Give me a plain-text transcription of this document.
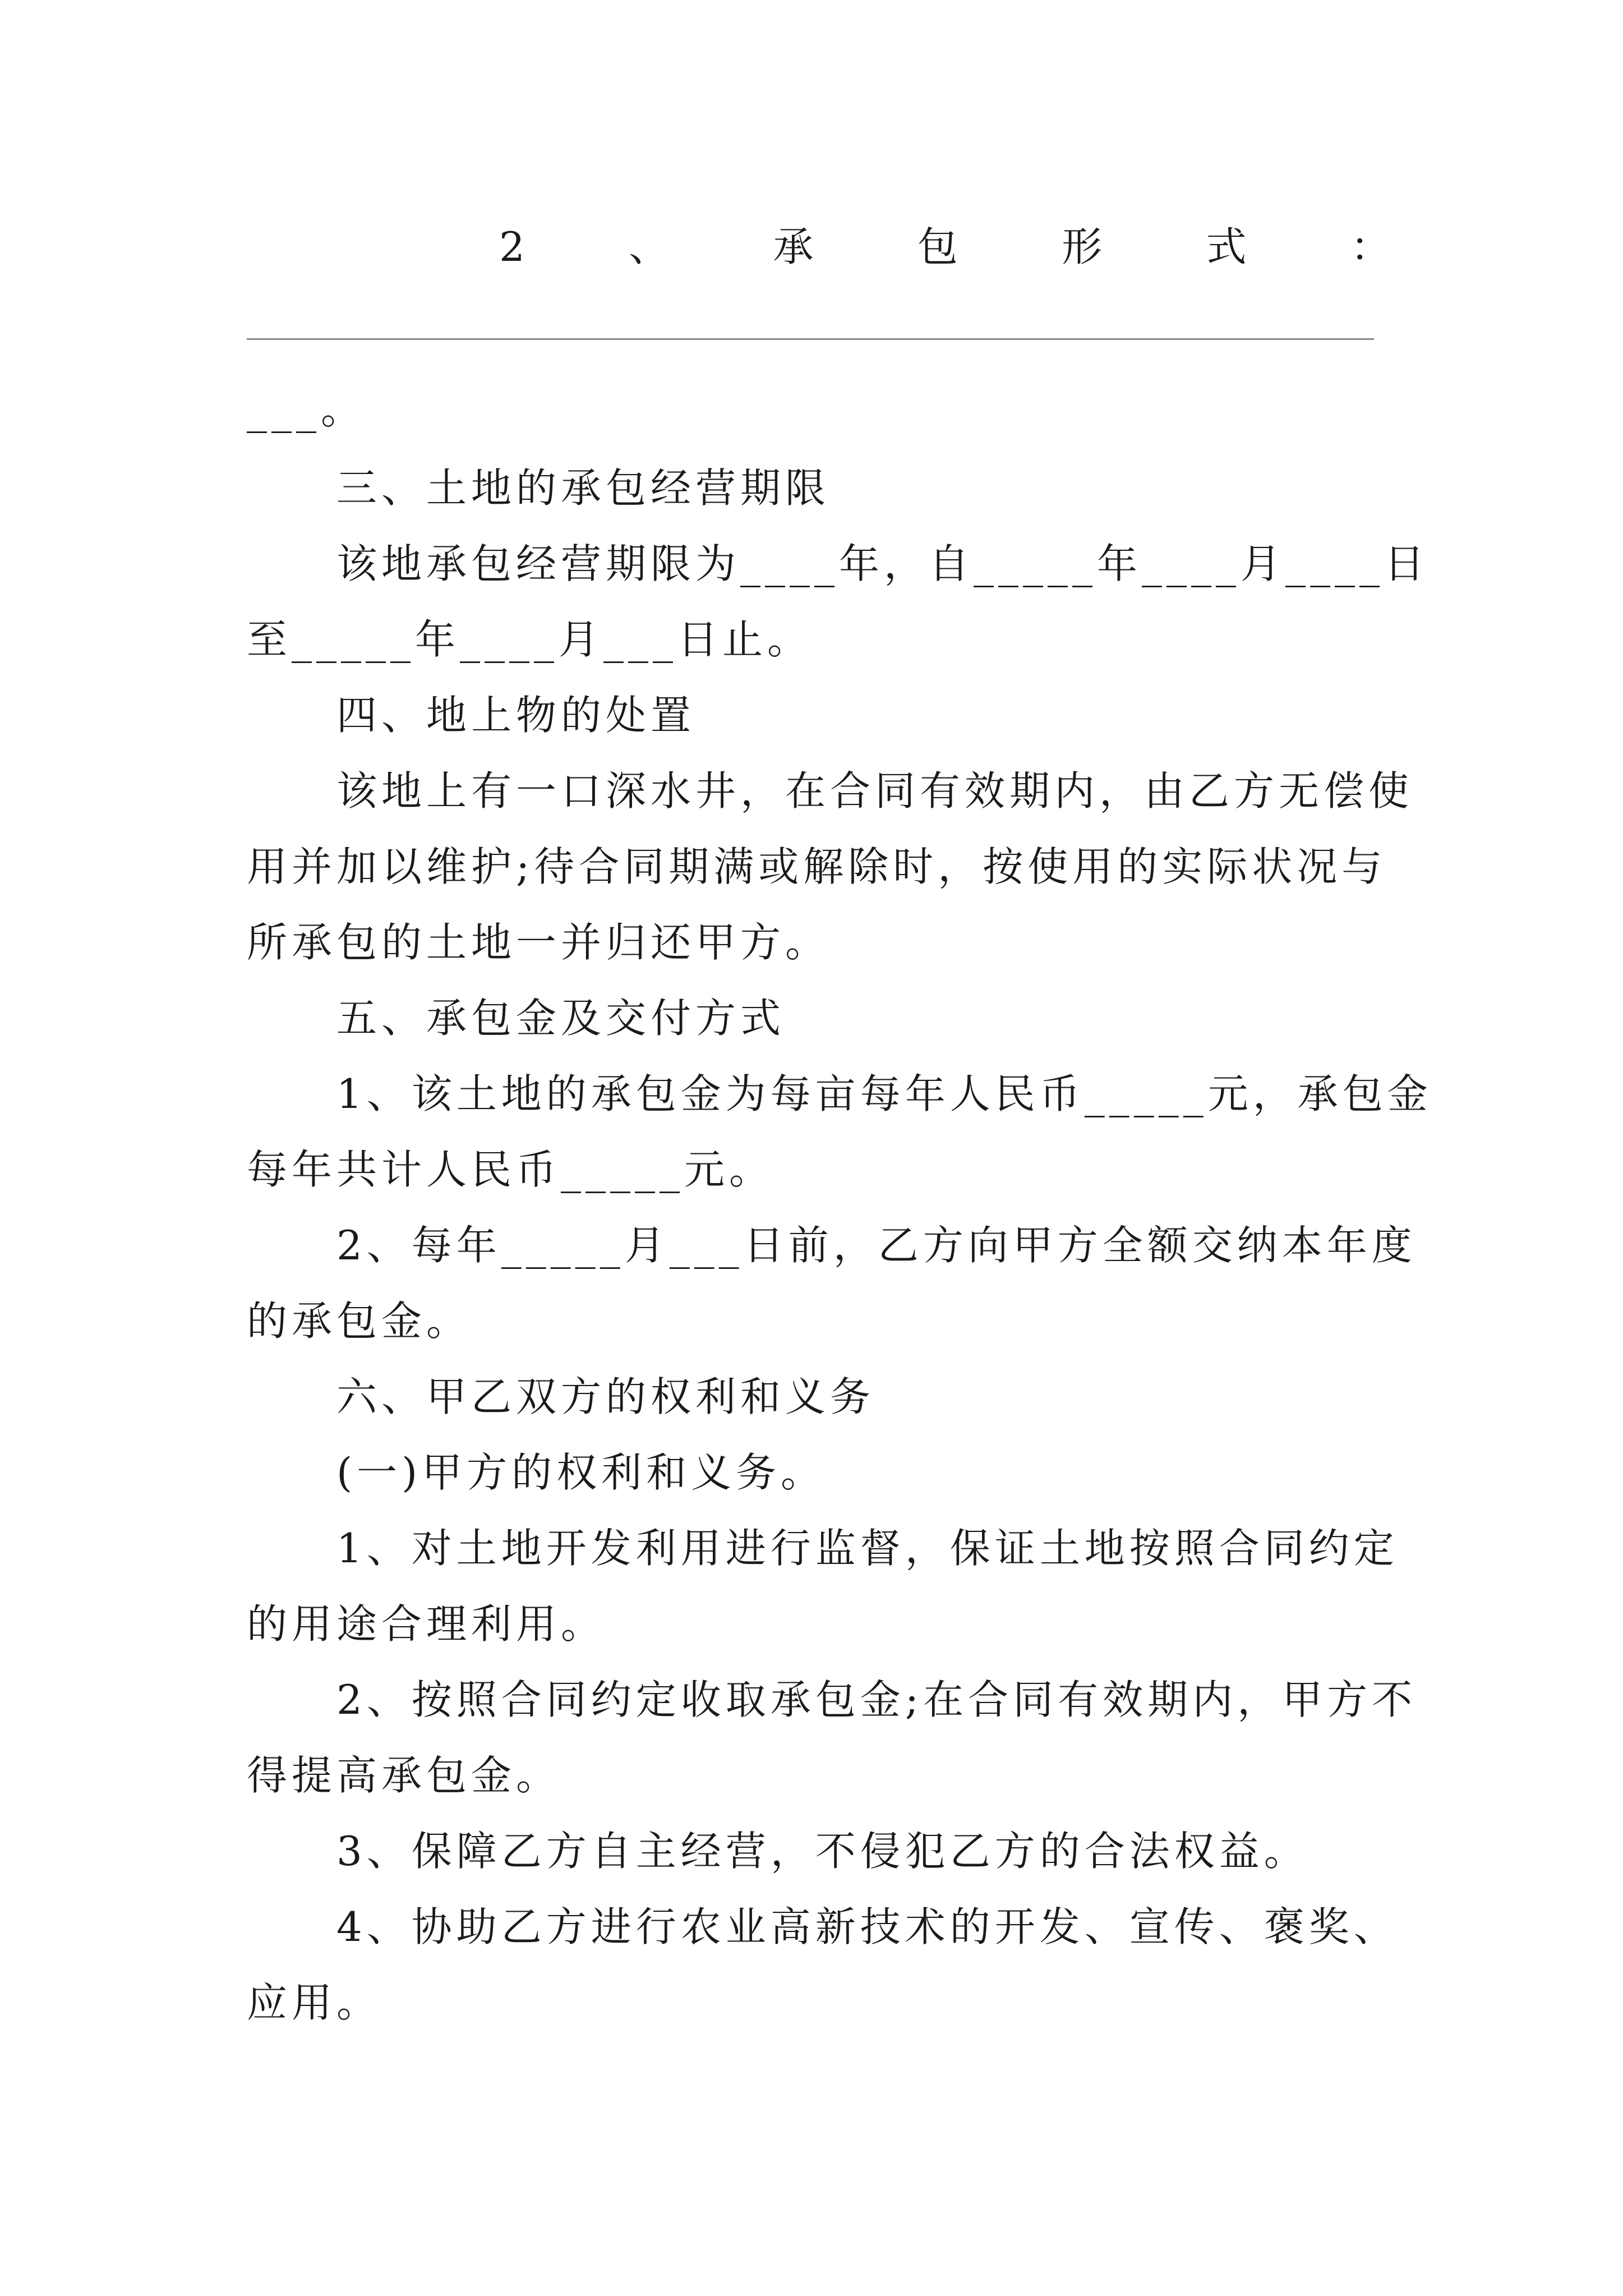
2	、	承	包	形	式	：
___。
三、土地的承包经营期限
该地承包经营期限为____年，自_____年____月____日
至_____年____月___日止。
四、地上物的处置
该地上有一口深水井，在合同有效期内，由乙方无偿使
用并加以维护;待合同期满或解除时，按使用的实际状况与
所承包的土地一并归还甲方。
五、承包金及交付方式
1、该土地的承包金为每亩每年人民币_____元，承包金
每年共计人民币_____元。
2、每年_____月___日前，乙方向甲方全额交纳本年度
的承包金。
六、甲乙双方的权利和义务
(一)甲方的权利和义务。
1、对土地开发利用进行监督，保证土地按照合同约定
的用途合理利用。
2、按照合同约定收取承包金;在合同有效期内，甲方不
得提高承包金。
3、保障乙方自主经营，不侵犯乙方的合法权益。
4、协助乙方进行农业高新技术的开发、宣传、褒奖、
应用。
